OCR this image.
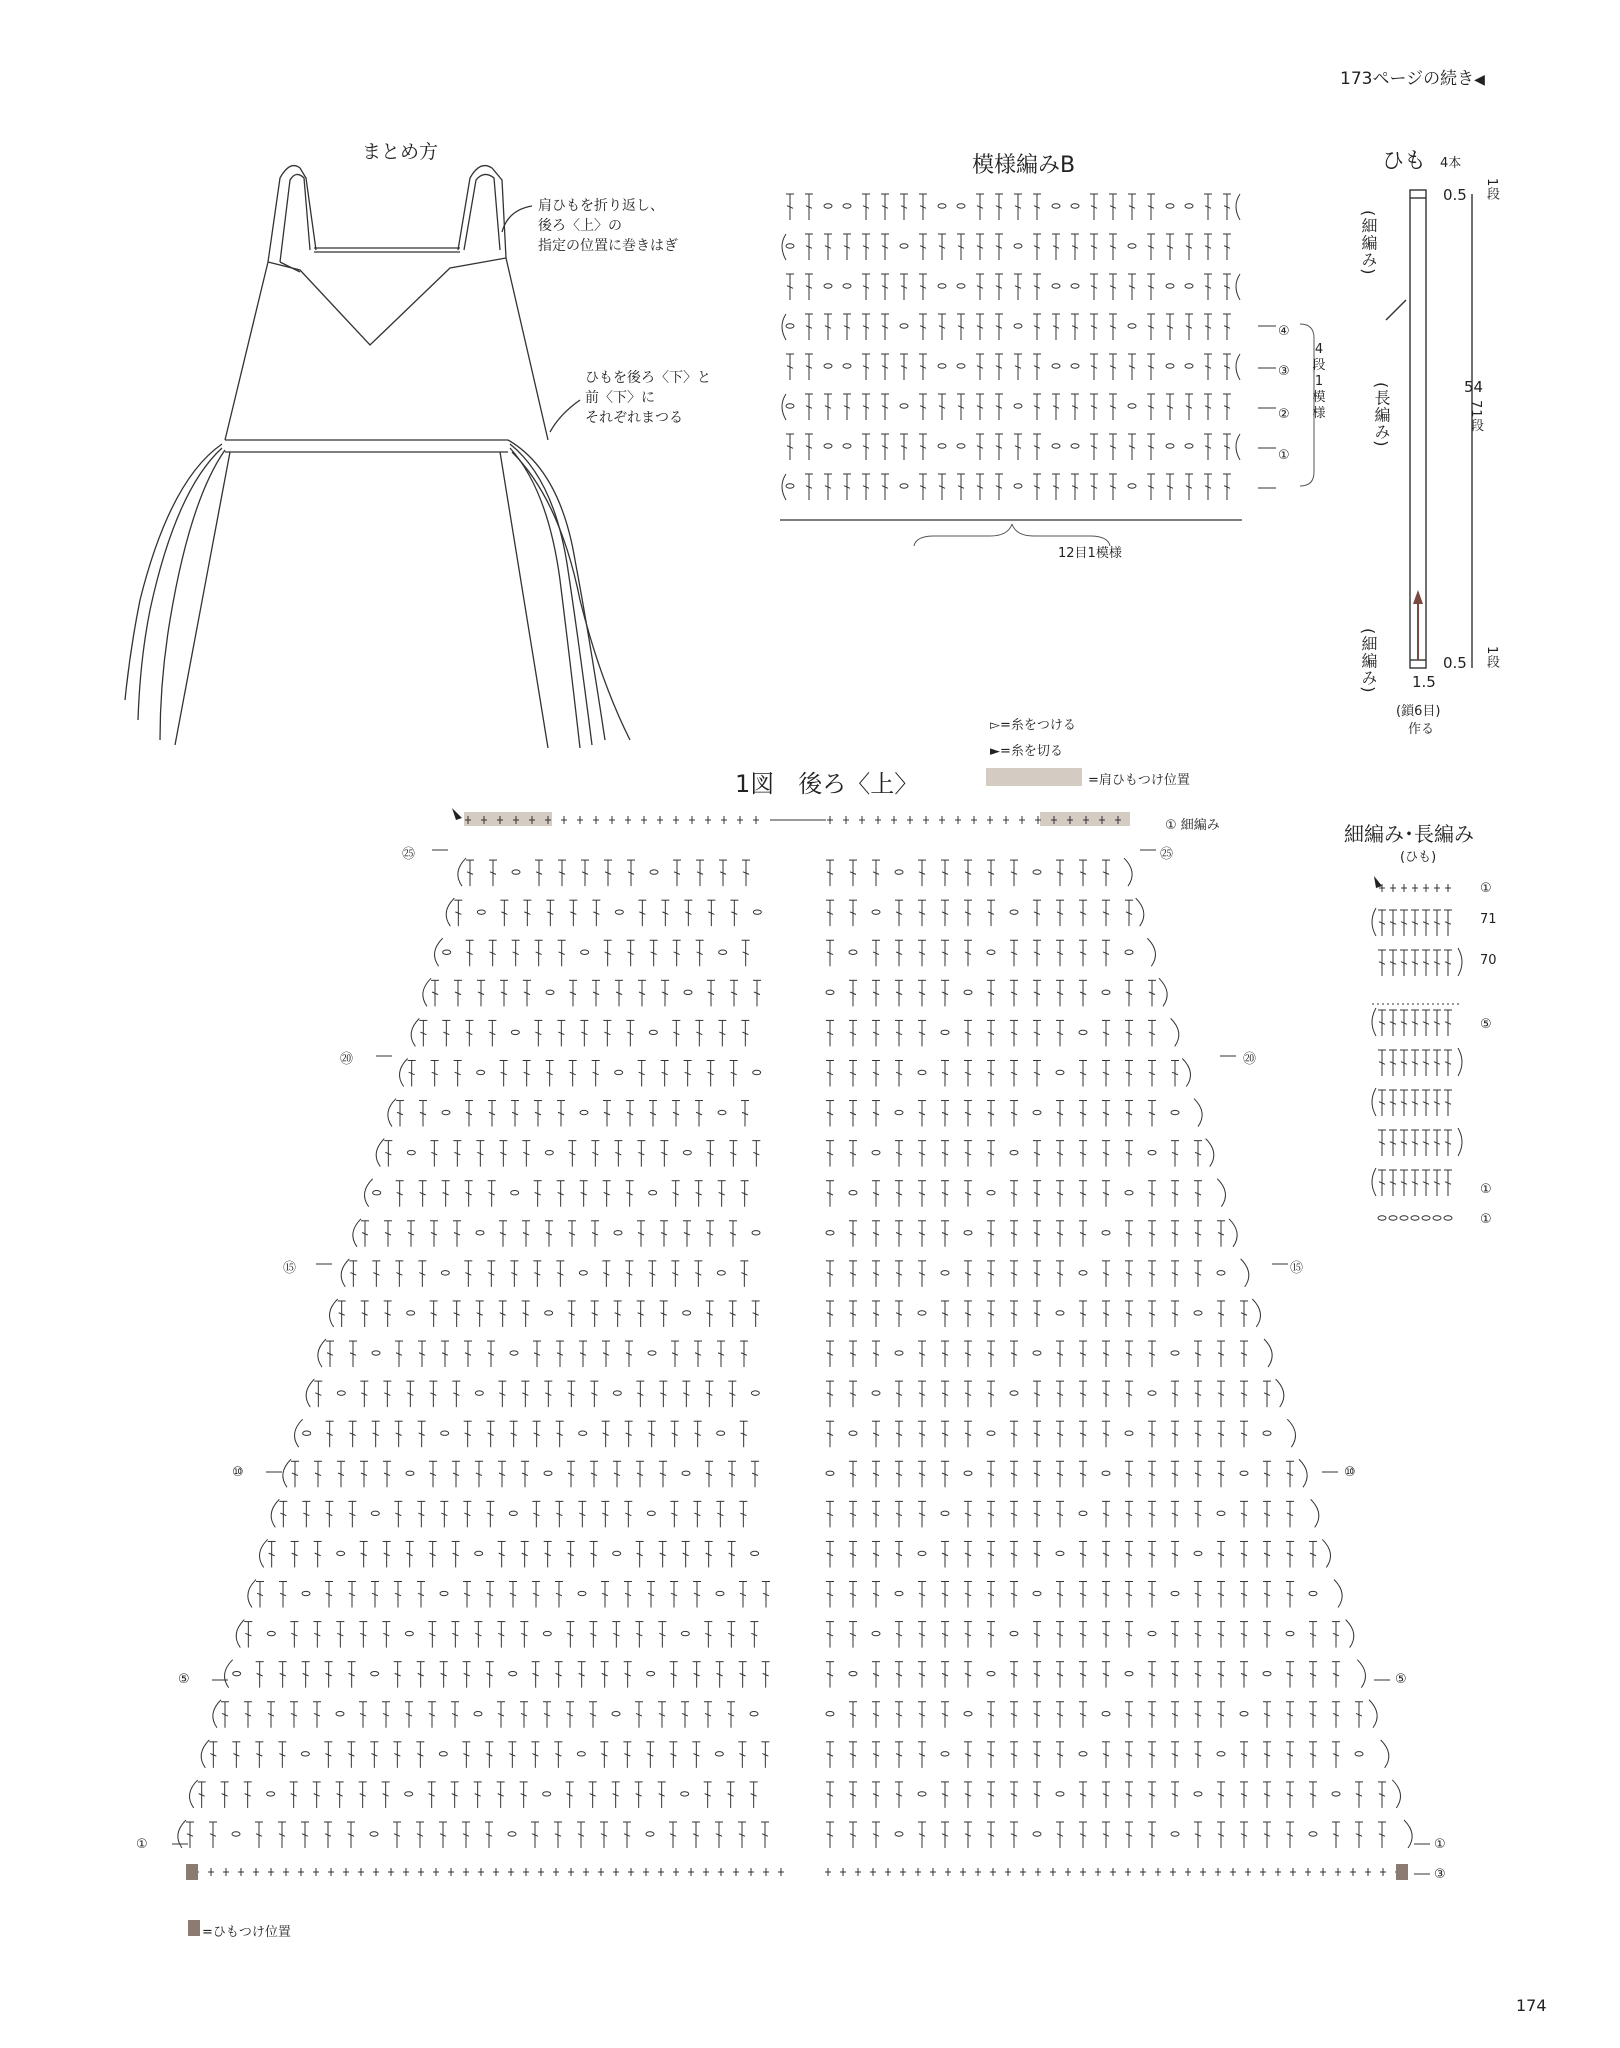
173ページの続き◀
まとめ方
肩ひもを折り返し、
後ろ〈上〉の
指定の位置に巻きはぎ
ひもを後ろ〈下〉と
前〈下〉に
それぞれまつる
模様編みB
④
③
②
①
4
段
1
模
様
12目1模様
ひも 4本
(細編み)
(長編み)
(細編み)
0.5 1段
54
71段
0.5 1段
1.5
(鎖6目)
作る
▻=糸をつける
►=糸を切る
=肩ひもつけ位置
1図　後ろ〈上〉
① 細編み
㉕
⑳
⑮
⑩
⑤
①
㉕
⑳
⑮
⑩
⑤
①
③
細編み･長編み
(ひも)
①
71
70
⑤
①
①
=ひもつけ位置
174
